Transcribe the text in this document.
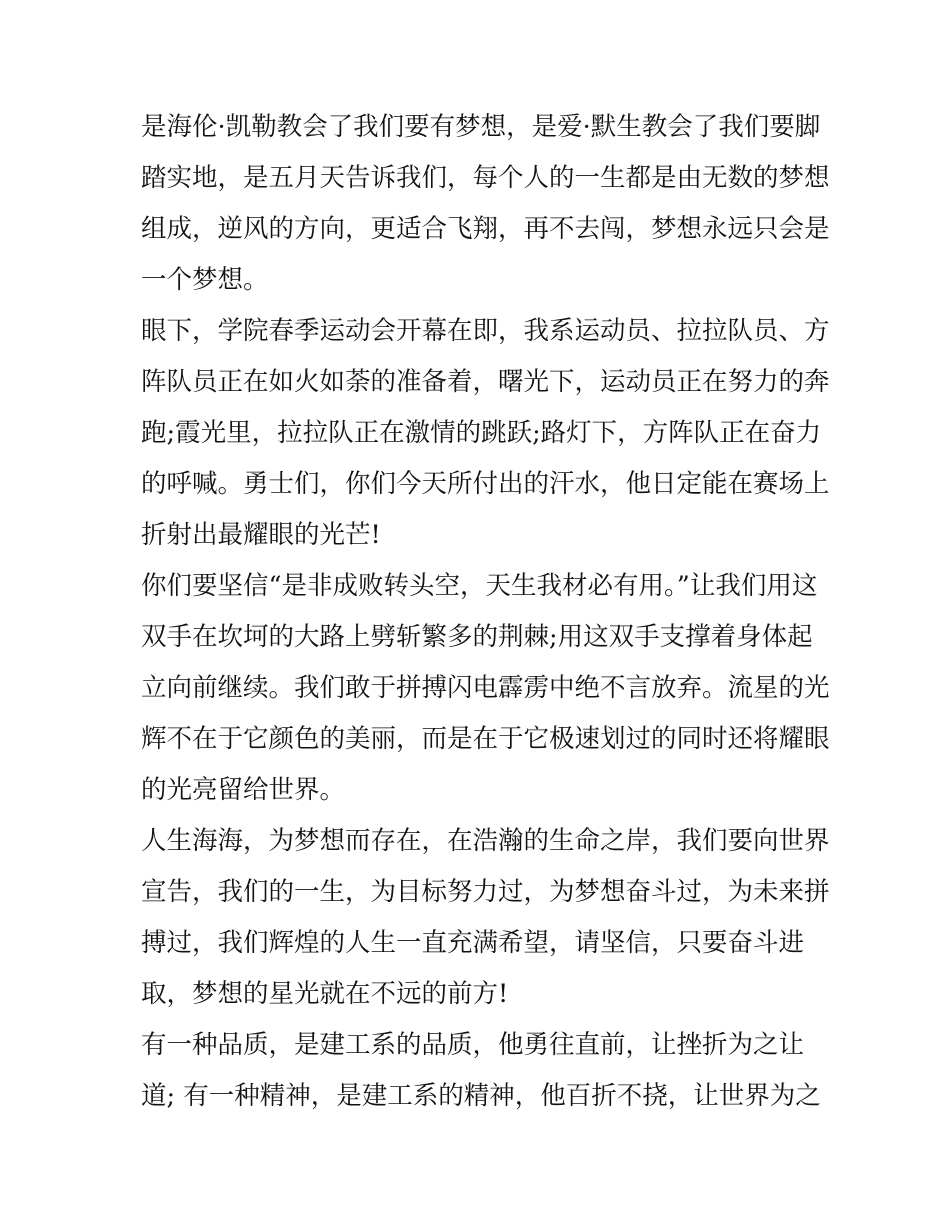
是海伦·凯勒教会了我们要有梦想，是爱·默生教会了我们要脚
踏实地，是五月天告诉我们，每个人的一生都是由无数的梦想
组成，逆风的方向，更适合飞翔，再不去闯，梦想永远只会是
一个梦想。
眼下，学院春季运动会开幕在即，我系运动员、拉拉队员、方
阵队员正在如火如荼的准备着，曙光下，运动员正在努力的奔
跑;霞光里，拉拉队正在激情的跳跃;路灯下，方阵队正在奋力
的呼喊。勇士们，你们今天所付出的汗水，他日定能在赛场上
折射出最耀眼的光芒!
你们要坚信“是非成败转头空，天生我材必有用。”让我们用这
双手在坎坷的大路上劈斩繁多的荆棘;用这双手支撑着身体起
立向前继续。我们敢于拼搏闪电霹雳中绝不言放弃。流星的光
辉不在于它颜色的美丽，而是在于它极速划过的同时还将耀眼
的光亮留给世界。
人生海海，为梦想而存在，在浩瀚的生命之岸，我们要向世界
宣告，我们的一生，为目标努力过，为梦想奋斗过，为未来拼
搏过，我们辉煌的人生一直充满希望，请坚信，只要奋斗进
取，梦想的星光就在不远的前方!
有一种品质，是建工系的品质，他勇往直前，让挫折为之让
道; 有一种精神，是建工系的精神，他百折不挠，让世界为之
